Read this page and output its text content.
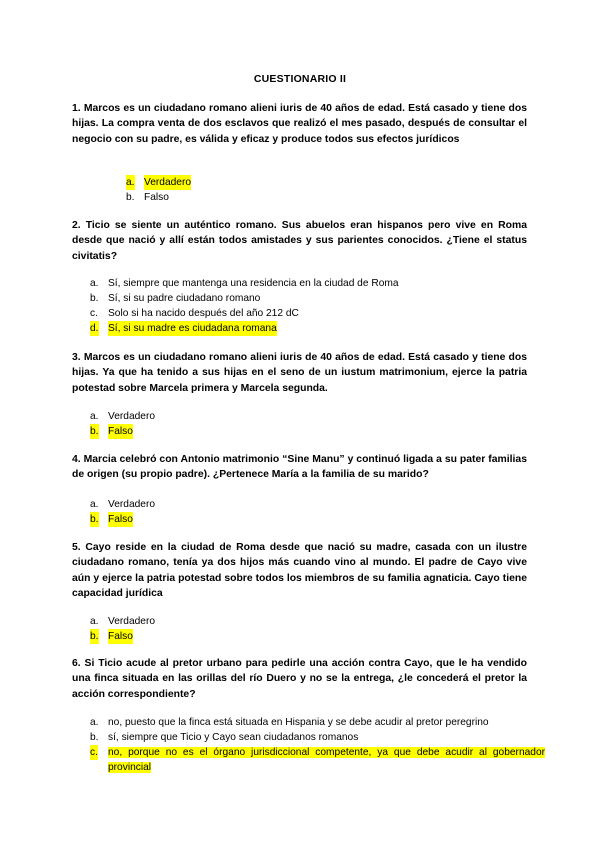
CUESTIONARIO II
1. Marcos es un ciudadano romano alieni iuris de 40 años de edad. Está casado y tiene dos hijas. La compra venta de dos esclavos que realizó el mes pasado, después de consultar el negocio con su padre, es válida y eficaz y produce todos sus efectos jurídicos
a. Verdadero
b. Falso
2. Ticio se siente un auténtico romano. Sus abuelos eran hispanos pero vive en Roma desde que nació y allí están todos amistades y sus parientes conocidos. ¿Tiene el status civitatis?
a. Sí, siempre que mantenga una residencia en la ciudad de Roma
b. Sí, si su padre ciudadano romano
c. Solo si ha nacido después del año 212 dC
d. Sí, si su madre es ciudadana romana
3. Marcos es un ciudadano romano alieni iuris de 40 años de edad. Está casado y tiene dos hijas. Ya que ha tenido a sus hijas en el seno de un iustum matrimonium, ejerce la patria potestad sobre Marcela primera y Marcela segunda.
a. Verdadero
b. Falso
4. Marcia celebró con Antonio matrimonio “Sine Manu” y continuó ligada a su pater familias de origen (su propio padre). ¿Pertenece María a la familia de su marido?
a. Verdadero
b. Falso
5. Cayo reside en la ciudad de Roma desde que nació su madre, casada con un ilustre ciudadano romano, tenía ya dos hijos más cuando vino al mundo. El padre de Cayo vive aún y ejerce la patria potestad sobre todos los miembros de su familia agnaticia. Cayo tiene capacidad jurídica
a. Verdadero
b. Falso
6. Si Ticio acude al pretor urbano para pedirle una acción contra Cayo, que le ha vendido una finca situada en las orillas del río Duero y no se la entrega, ¿le concederá el pretor la acción correspondiente?
a. no, puesto que la finca está situada en Hispania y se debe acudir al pretor peregrino
b. sí, siempre que Ticio y Cayo sean ciudadanos romanos
c. no, porque no es el órgano jurisdiccional competente, ya que debe acudir al gobernador provincial
